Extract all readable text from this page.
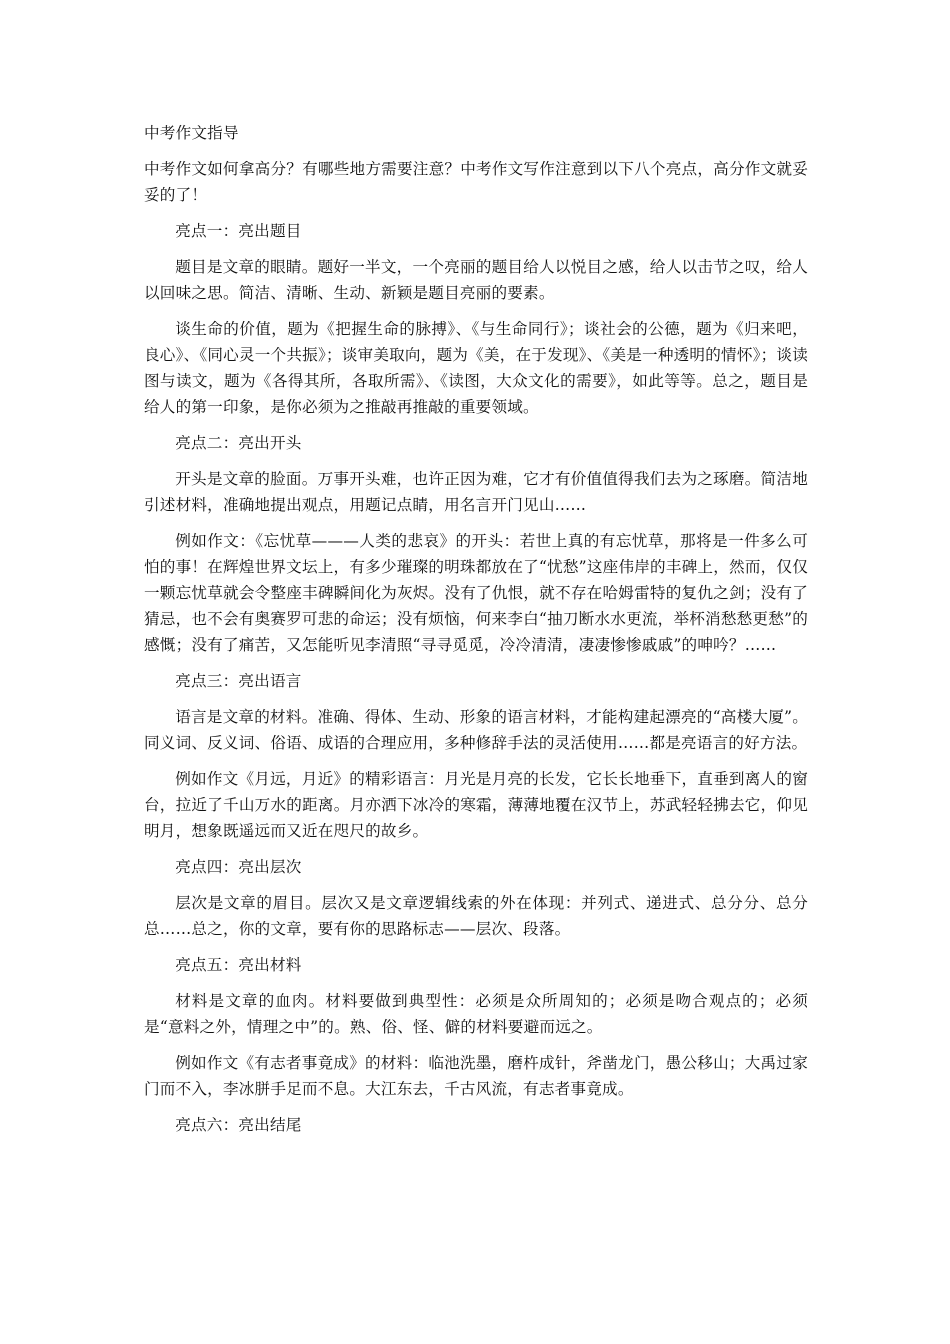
中考作文指导

中考作文如何拿高分？有哪些地方需要注意？中考作文写作注意到以下八个亮点，高分作文就妥妥的了！

亮点一：亮出题目

题目是文章的眼睛。题好一半文，一个亮丽的题目给人以悦目之感，给人以击节之叹，给人以回味之思。简洁、清晰、生动、新颖是题目亮丽的要素。

谈生命的价值，题为《把握生命的脉搏》、《与生命同行》；谈社会的公德，题为《归来吧，良心》、《同心灵一个共振》；谈审美取向，题为《美，在于发现》、《美是一种透明的情怀》；谈读图与读文，题为《各得其所，各取所需》、《读图，大众文化的需要》，如此等等。总之，题目是给人的第一印象，是你必须为之推敲再推敲的重要领域。

亮点二：亮出开头

开头是文章的脸面。万事开头难，也许正因为难，它才有价值值得我们去为之琢磨。简洁地引述材料，准确地提出观点，用题记点睛，用名言开门见山……

例如作文：《忘忧草———人类的悲哀》的开头：若世上真的有忘忧草，那将是一件多么可怕的事！在辉煌世界文坛上，有多少璀璨的明珠都放在了“忧愁”这座伟岸的丰碑上，然而，仅仅一颗忘忧草就会令整座丰碑瞬间化为灰烬。没有了仇恨，就不存在哈姆雷特的复仇之剑；没有了猜忌，也不会有奥赛罗可悲的命运；没有烦恼，何来李白“抽刀断水水更流，举杯消愁愁更愁”的感慨；没有了痛苦，又怎能听见李清照“寻寻觅觅，冷冷清清，凄凄惨惨戚戚”的呻吟？……

亮点三：亮出语言

语言是文章的材料。准确、得体、生动、形象的语言材料，才能构建起漂亮的“高楼大厦”。同义词、反义词、俗语、成语的合理应用，多种修辞手法的灵活使用……都是亮语言的好方法。

例如作文《月远，月近》的精彩语言：月光是月亮的长发，它长长地垂下，直垂到离人的窗台，拉近了千山万水的距离。月亦洒下冰冷的寒霜，薄薄地覆在汉节上，苏武轻轻拂去它，仰见明月，想象既遥远而又近在咫尺的故乡。

亮点四：亮出层次

层次是文章的眉目。层次又是文章逻辑线索的外在体现：并列式、递进式、总分分、总分总……总之，你的文章，要有你的思路标志——层次、段落。

亮点五：亮出材料

材料是文章的血肉。材料要做到典型性：必须是众所周知的；必须是吻合观点的；必须是“意料之外，情理之中”的。熟、俗、怪、僻的材料要避而远之。

例如作文《有志者事竟成》的材料：临池洗墨，磨杵成针，斧凿龙门，愚公移山；大禹过家门而不入，李冰胼手足而不息。大江东去，千古风流，有志者事竟成。

亮点六：亮出结尾
